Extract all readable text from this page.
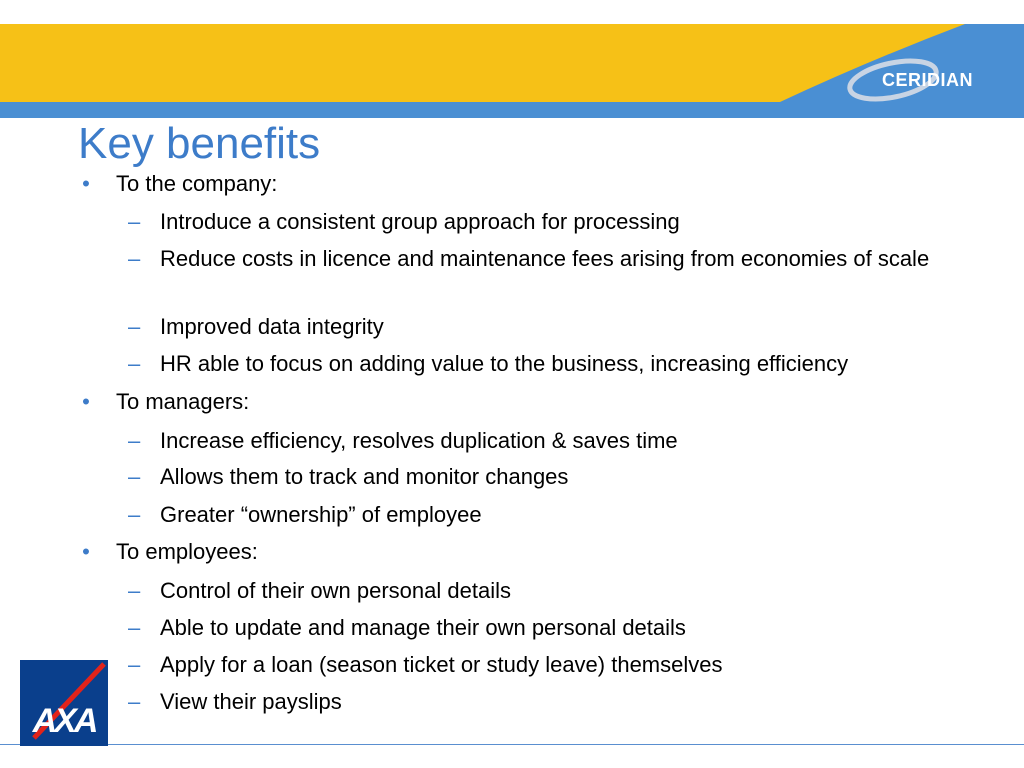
CERIDIAN
Key benefits
• To the company:
– Introduce a consistent group approach for processing
– Reduce costs in licence and maintenance fees arising from economies of scale
– Improved data integrity
– HR able to focus on adding value to the business, increasing efficiency
• To managers:
– Increase efficiency, resolves duplication & saves time
– Allows them to track and monitor changes
– Greater “ownership” of employee
• To employees:
– Control of their own personal details
– Able to update and manage their own personal details
– Apply for a loan (season ticket or study leave) themselves
– View their payslips
AXA
